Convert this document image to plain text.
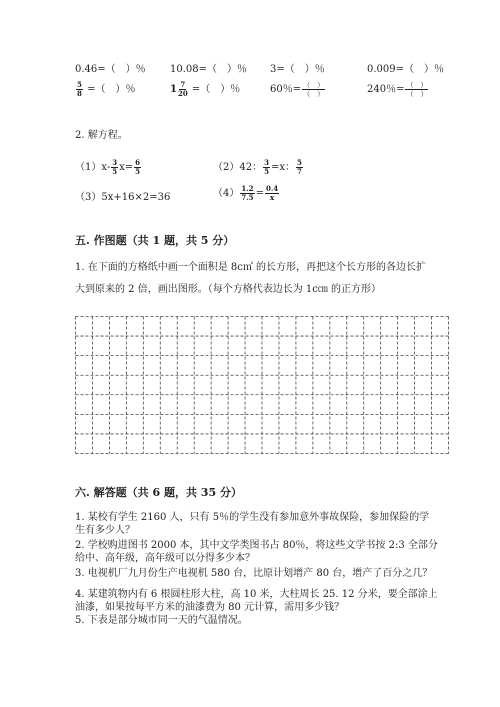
0.46=（　）％ 10.08=（　）％ 3=（　）％	0.009=（　）％
$\frac{5}{8}$ =（　）％	$1 \frac{7}{20}$ =（　）％	60％= $\frac{( )}{( )}$	240％= $\frac{( )}{( )}$
2. 解方程。
$(1)x- \frac{3}{5} x= \frac{6}{5}$	（2）42： $\frac{3}{5} =x$： $\frac{5}{7}$
（3）5x+16×2=36	$(4) \frac{1.2}{7.5} = \frac{0.4}{x}$
五. 作图题（共 1 题，共 5 分）
1. 在下面的方格纸中画一个面积是 8c㎡ 的长方形，再把这个长方形的各边长扩
大到原来的 2 倍，画出图形。（每个方格代表边长为 1c㎝ 的正方形）
六. 解答题（共 6 题，共 35 分）
1. 某校有学生 2160 人，只有 5％的学生没有参加意外事故保险，参加保险的学
生有多少人？
2. 学校购进图书 2000 本，其中文学类图书占 80％，将这些文学书按 2:3 全部分
给中、高年级，高年级可以分得多少本？
3. 电视机厂九月份生产电视机 580 台，比原计划增产 80 台，增产了百分之几？
4. 某建筑物内有 6 根圆柱形大柱，高 10 米，大柱周长 25. 12 分米，要全部涂上
油漆，如果按每平方米的油漆费为 80 元计算，需用多少钱？
5. 下表是部分城市同一天的气温情况。
